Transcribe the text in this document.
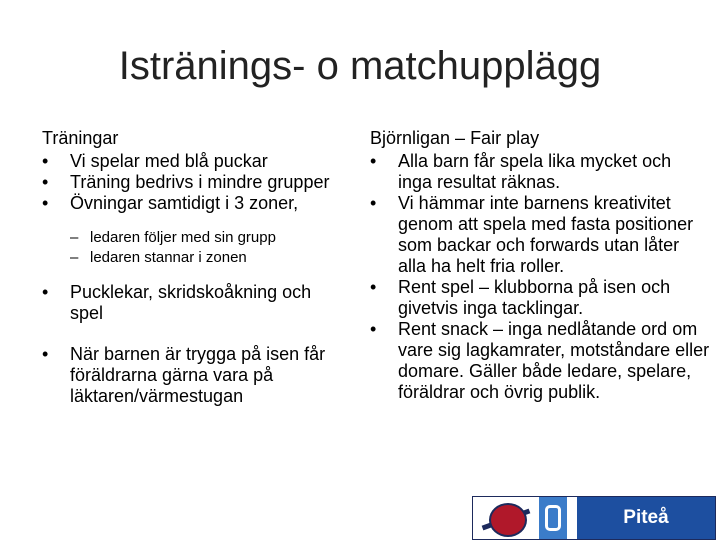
Istränings- o matchupplägg
Träningar
• Vi spelar med blå puckar
• Träning bedrivs i mindre grupper
• Övningar samtidigt i 3 zoner,
– ledaren följer med sin grupp
– ledaren stannar i zonen
• Pucklekar, skridskoåkning och spel
• När barnen är trygga på isen får föräldrarna gärna vara på läktaren/värmestugan
Björnligan – Fair play
• Alla barn får spela lika mycket och inga resultat räknas.
• Vi hämmar inte barnens kreativitet genom att spela med fasta positioner som backar och forwards utan låter alla ha helt fria roller.
• Rent spel – klubborna på isen och givetvis inga tacklingar.
• Rent snack – inga nedlåtande ord om vare sig lagkamrater, motståndare eller domare. Gäller både ledare, spelare, föräldrar och övrig publik.
Piteå
